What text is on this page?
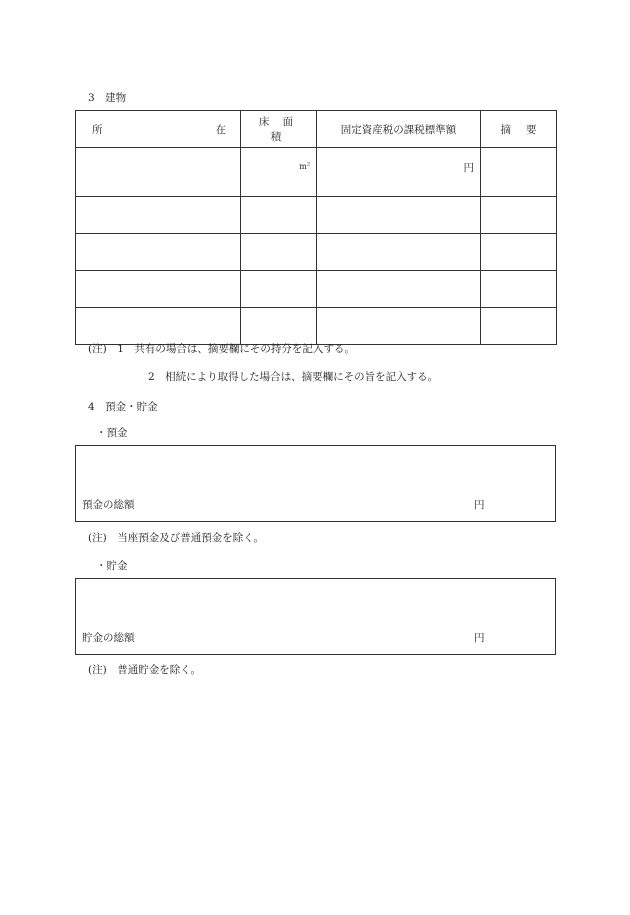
3　建物
所 在	床 面 積	固定資産税の課税標準額	摘 要

	$m^2$	円	

(注)　1　共有の場合は、摘要欄にその持分を記入する。
2　相続により取得した場合は、摘要欄にその旨を記入する。
4　預金・貯金
・預金
預金の総額	円
(注)　当座預金及び普通預金を除く。
・貯金
貯金の総額	円
(注)　普通貯金を除く。
